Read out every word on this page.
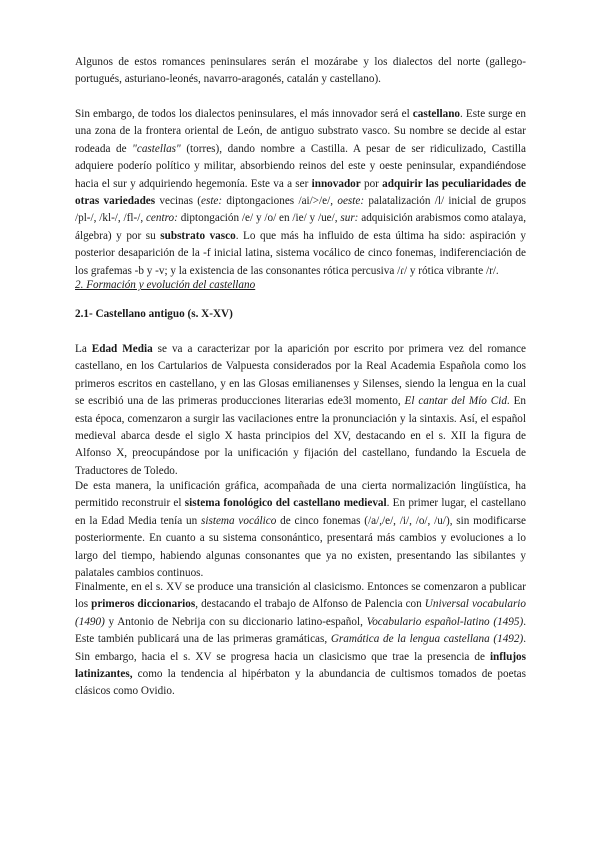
Algunos de estos romances peninsulares serán el mozárabe y los dialectos del norte (gallego-portugués, asturiano-leonés, navarro-aragonés, catalán y castellano).

Sin embargo, de todos los dialectos peninsulares, el más innovador será el castellano. Este surge en una zona de la frontera oriental de León, de antiguo substrato vasco. Su nombre se decide al estar rodeada de "castellas" (torres), dando nombre a Castilla. A pesar de ser ridiculizado, Castilla adquiere poderío político y militar, absorbiendo reinos del este y oeste peninsular, expandiéndose hacia el sur y adquiriendo hegemonía. Este va a ser innovador por adquirir las peculiaridades de otras variedades vecinas (este: diptongaciones /ai/>/e/, oeste: palatalización /l/ inicial de grupos /pl-/, /kl-/, /fl-/, centro: diptongación /e/ y /o/ en /ie/ y /ue/, sur: adquisición arabismos como atalaya, álgebra) y por su substrato vasco. Lo que más ha influido de esta última ha sido: aspiración y posterior desaparición de la -f inicial latina, sistema vocálico de cinco fonemas, indiferenciación de los grafemas -b y -v; y la existencia de las consonantes rótica percusiva /ɾ/ y rótica vibrante /r/.

2. Formación y evolución del castellano
2.1- Castellano antiguo (s. X-XV)

La Edad Media se va a caracterizar por la aparición por escrito por primera vez del romance castellano, en los Cartularios de Valpuesta considerados por la Real Academia Española como los primeros escritos en castellano, y en las Glosas emilianenses y Silenses, siendo la lengua en la cual se escribió una de las primeras producciones literarias ede3l momento, El cantar del Mío Cid. En esta época, comenzaron a surgir las vacilaciones entre la pronunciación y la sintaxis. Así, el español medieval abarca desde el siglo X hasta principios del XV, destacando en el s. XII la figura de Alfonso X, preocupándose por la unificación y fijación del castellano, fundando la Escuela de Traductores de Toledo.

De esta manera, la unificación gráfica, acompañada de una cierta normalización lingüística, ha permitido reconstruir el sistema fonológico del castellano medieval. En primer lugar, el castellano en la Edad Media tenía un sistema vocálico de cinco fonemas (/a/,/e/, /i/, /o/, /u/), sin modificarse posteriormente. En cuanto a su sistema consonántico, presentará más cambios y evoluciones a lo largo del tiempo, habiendo algunas consonantes que ya no existen, presentando las sibilantes y palatales cambios continuos.

Finalmente, en el s. XV se produce una transición al clasicismo. Entonces se comenzaron a publicar los primeros diccionarios, destacando el trabajo de Alfonso de Palencia con Universal vocabulario (1490) y Antonio de Nebrija con su diccionario latino-español, Vocabulario español-latino (1495). Este también publicará una de las primeras gramáticas, Gramática de la lengua castellana (1492). Sin embargo, hacia el s. XV se progresa hacia un clasicismo que trae la presencia de influjos latinizantes, como la tendencia al hipérbaton y la abundancia de cultismos tomados de poetas clásicos como Ovidio.
